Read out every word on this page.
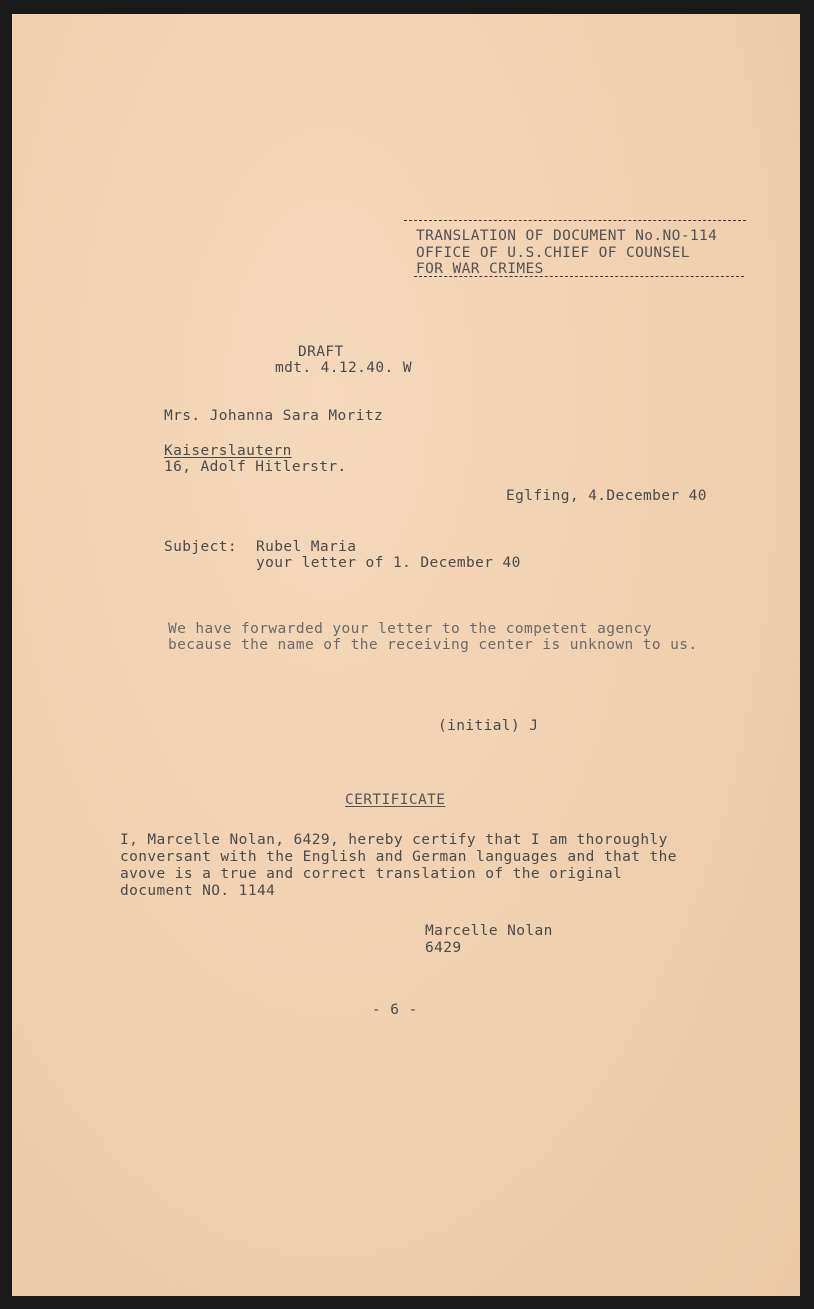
TRANSLATION OF DOCUMENT No.NO-114
OFFICE OF U.S.CHIEF OF COUNSEL
FOR WAR CRIMES
DRAFT
mdt. 4.12.40. W
Mrs. Johanna Sara Moritz
Kaiserslautern
16, Adolf Hitlerstr.
Eglfing, 4.December 40
Subject: Rubel Maria
your letter of 1. December 40
We have forwarded your letter to the competent agency
because the name of the receiving center is unknown to us.
(initial) J
CERTIFICATE
I, Marcelle Nolan, 6429, hereby certify that I am thoroughly
conversant with the English and German languages and that the
avove is a true and correct translation of the original
document NO. 1144
Marcelle Nolan
6429
- 6 -
